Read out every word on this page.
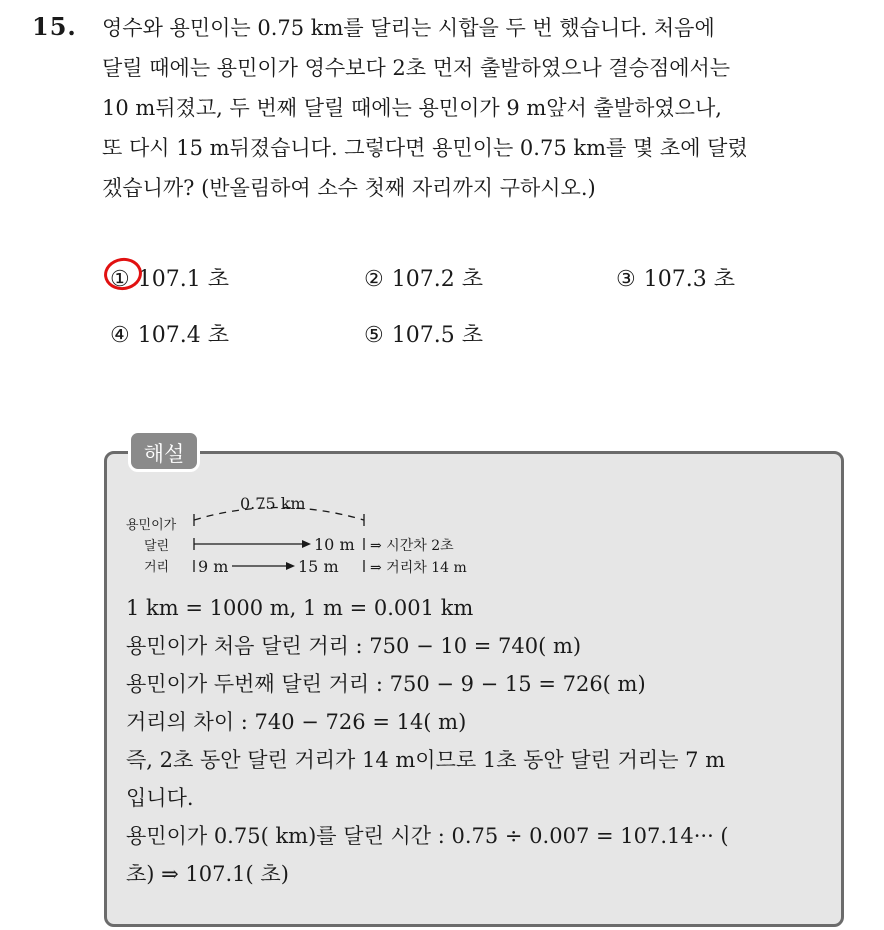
15. 영수와 용민이는 0.75 km를 달리는 시합을 두 번 했습니다. 처음에
달릴 때에는 용민이가 영수보다 2초 먼저 출발하였으나 결승점에서는
10 m뒤졌고, 두 번째 달릴 때에는 용민이가 9 m앞서 출발하였으나,
또 다시 15 m뒤졌습니다. 그렇다면 용민이는 0.75 km를 몇 초에 달렸
겠습니까? (반올림하여 소수 첫째 자리까지 구하시오.)
① 107.1 초	② 107.2 초	③ 107.3 초
④ 107.4 초	⑤ 107.5 초
해설
용민이가
달린
거리
0.75 km
10 m ⇒ 시간차 2초
9 m	15 m ⇒ 거리차 14 m
1 km = 1000 m, 1 m = 0.001 km
용민이가 처음 달린 거리 : 750 − 10 = 740( m)
용민이가 두번째 달린 거리 : 750 − 9 − 15 = 726( m)
거리의 차이 : 740 − 726 = 14( m)
즉, 2초 동안 달린 거리가 14 m이므로 1초 동안 달린 거리는 7 m
입니다.
용민이가 0.75( km)를 달린 시간 : 0.75 ÷ 0.007 = 107.14··· (
초) ⇒ 107.1( 초)
